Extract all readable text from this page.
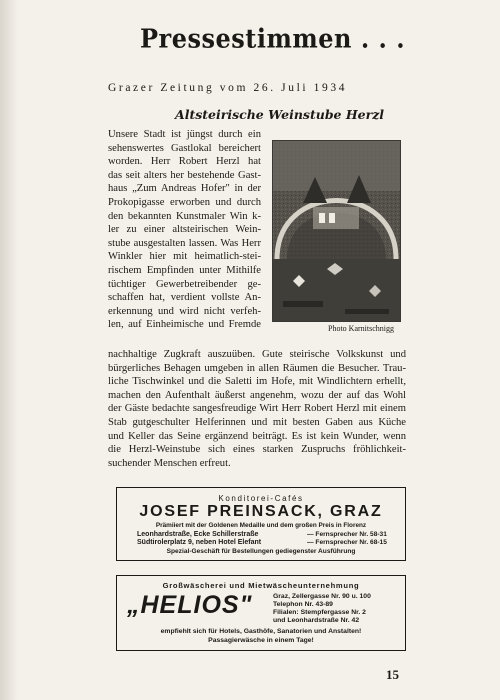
Pressestimmen . . .
Grazer Zeitung vom 26. Juli 1934
Altsteirische Weinstube Herzl
Unsere Stadt ist jüngst durch ein
sehenswertes Gastlokal bereichert
worden. Herr Robert Herzl hat
das seit alters her bestehende Gast-
haus „Zum Andreas Hofer" in der
Prokopigasse erworben und durch
den bekannten Kunstmaler Win k-
ler zu einer altsteirischen Wein-
stube ausgestalten lassen. Was Herr
Winkler hier mit heimatlich-stei-
rischem Empfinden unter Mithilfe
tüchtiger Gewerbetreibender ge-
schaffen hat, verdient vollste An-
erkennung und wird nicht verfeh-
len, auf Einheimische und Fremde	Photo Karnitschnigg
nachhaltige Zugkraft auszuüben. Gute steirische Volkskunst und
bürgerliches Behagen umgeben in allen Räumen die Besucher. Trau-
liche Tischwinkel und die Saletti im Hofe, mit Windlichtern erhellt,
machen den Aufenthalt äußerst angenehm, wozu der auf das Wohl
der Gäste bedachte sangesfreudige Wirt Herr Robert Herzl mit einem
Stab gutgeschulter Helferinnen und mit besten Gaben aus Küche
und Keller das Seine ergänzend beiträgt. Es ist kein Wunder, wenn
die Herzl-Weinstube sich eines starken Zuspruchs fröhlichkeit-
suchender Menschen erfreut.
Konditorei-Cafés
JOSEF PREINSACK, GRAZ
Prämiiert mit der Goldenen Medaille und dem großen Preis in Florenz
Leonhardstraße, Ecke Schillerstraße	— Fernsprecher Nr. 58-31
Südtirolerplatz 9, neben Hotel Elefant	— Fernsprecher Nr. 68-15
Spezial-Geschäft für Bestellungen gediegenster Ausführung
Großwäscherei und Mietwäscheunternehmung
„HELIOS"	Graz, Zellergasse Nr. 90 u. 100
Telephon Nr. 43-89
Filialen: Stempfergasse Nr. 2
und Leonhardstraße Nr. 42
empfiehlt sich für Hotels, Gasthöfe, Sanatorien und Anstalten!
Passagierwäsche in einem Tage!
15
